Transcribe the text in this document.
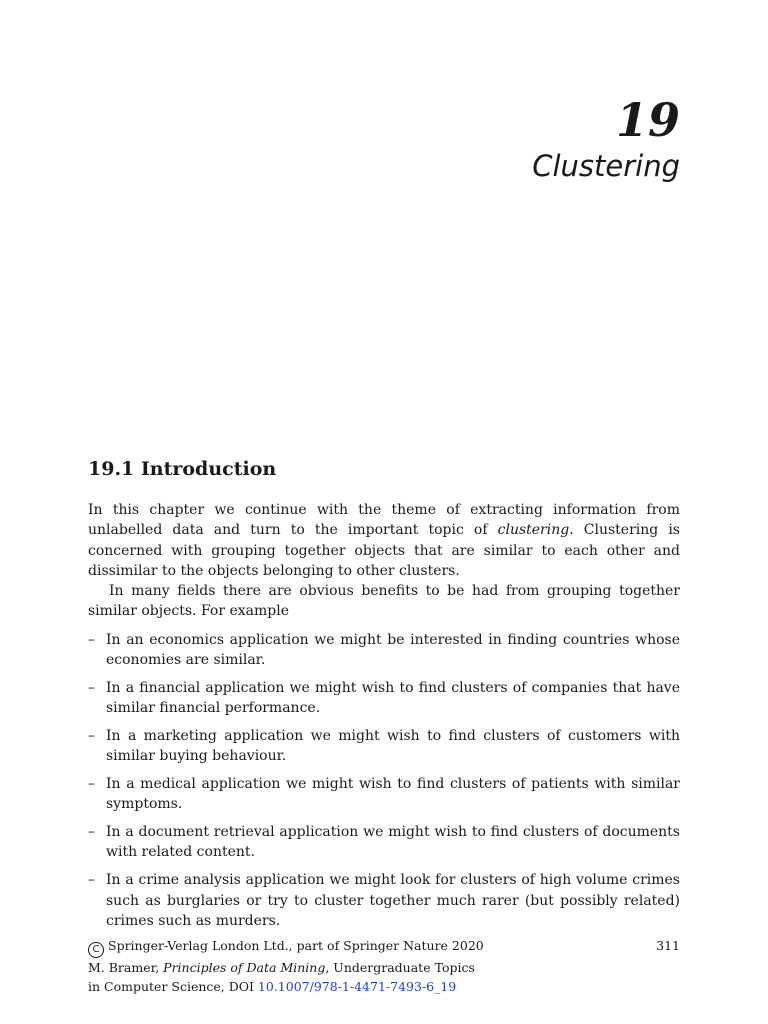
19
Clustering
19.1 Introduction

In this chapter we continue with the theme of extracting information from unlabelled data and turn to the important topic of clustering. Clustering is concerned with grouping together objects that are similar to each other and dissimilar to the objects belonging to other clusters.

In many fields there are obvious benefits to be had from grouping together similar objects. For example

– In an economics application we might be interested in finding countries whose economies are similar.
– In a financial application we might wish to find clusters of companies that have similar financial performance.
– In a marketing application we might wish to find clusters of customers with similar buying behaviour.
– In a medical application we might wish to find clusters of patients with similar symptoms.
– In a document retrieval application we might wish to find clusters of documents with related content.
– In a crime analysis application we might look for clusters of high volume crimes such as burglaries or try to cluster together much rarer (but possibly related) crimes such as murders.
C Springer-Verlag London Ltd., part of Springer Nature 2020
M. Bramer, Principles of Data Mining, Undergraduate Topics
in Computer Science, DOI 10.1007/978-1-4471-7493-6_19
311
